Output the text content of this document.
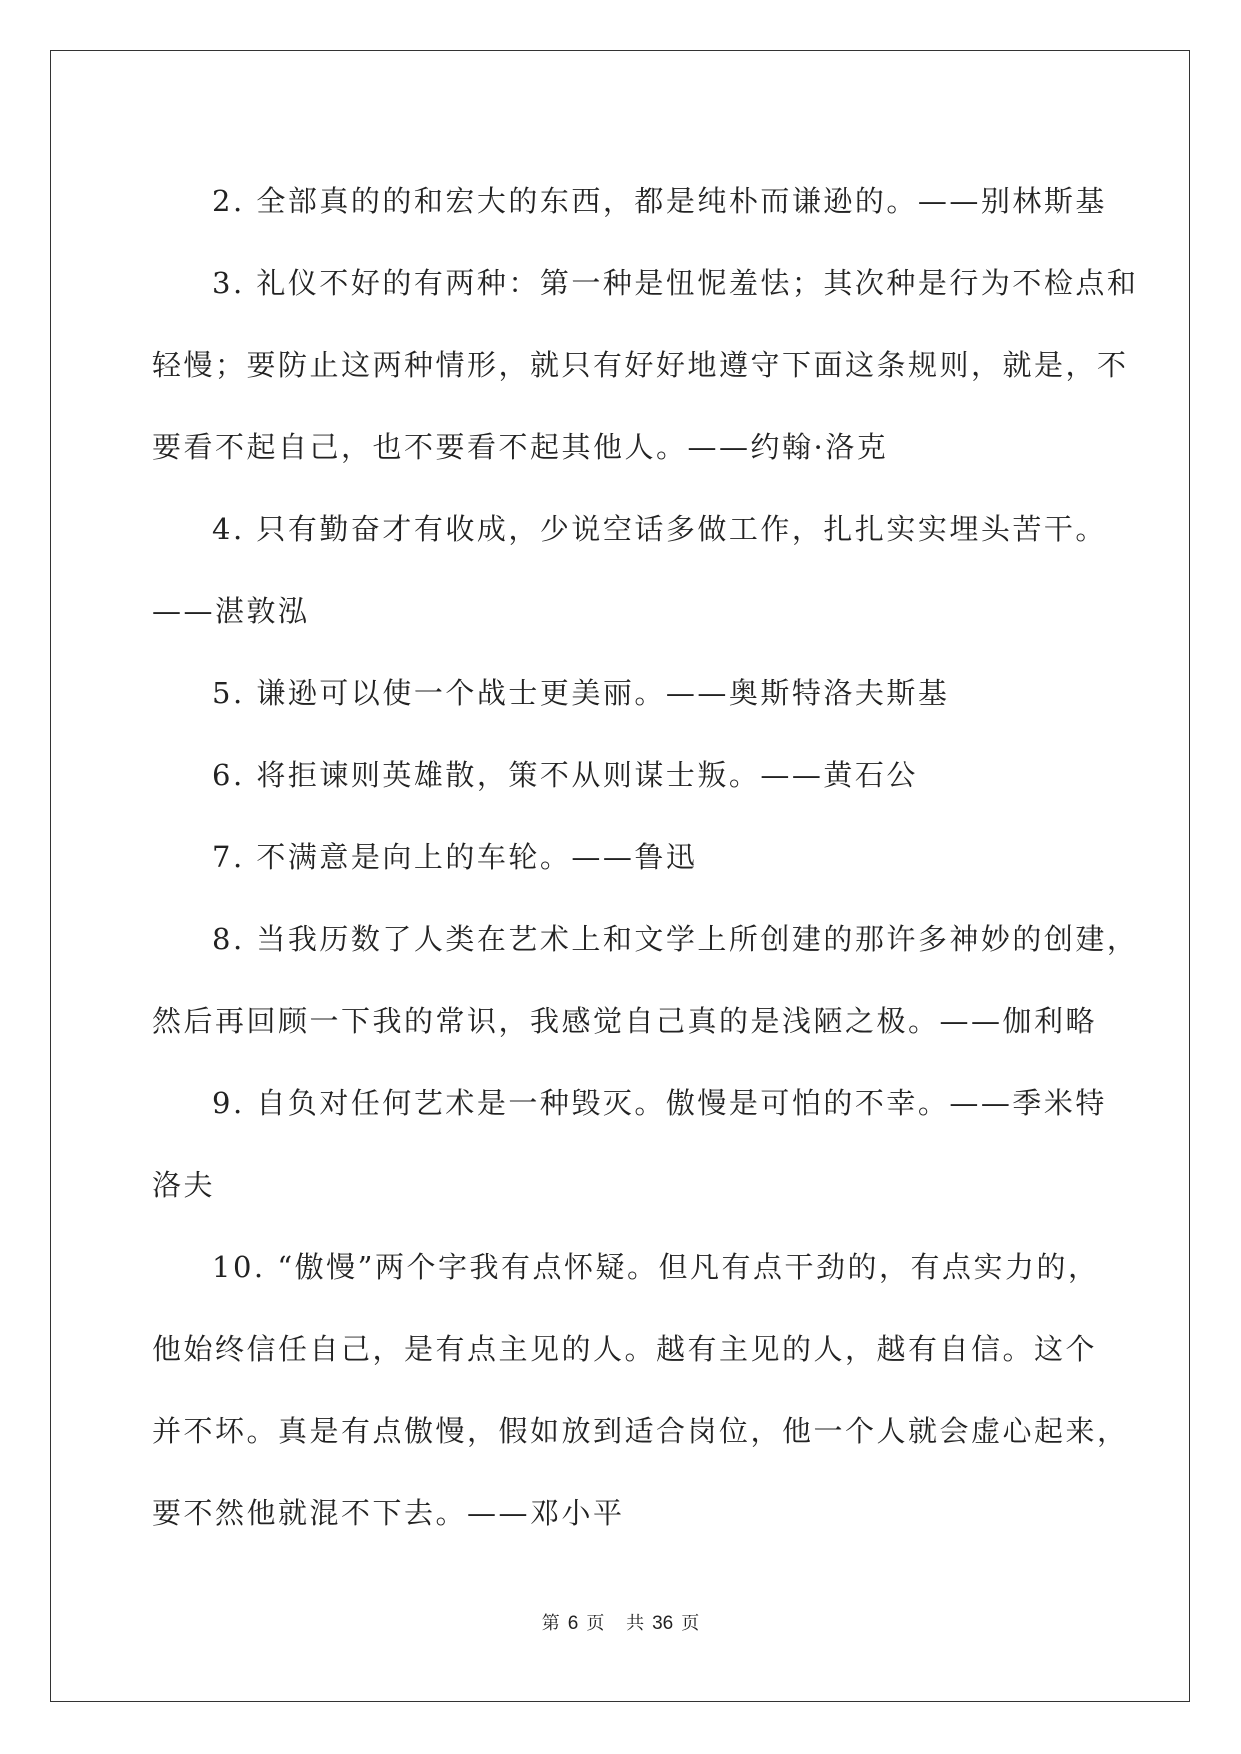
2. 全部真的的和宏大的东西，都是纯朴而谦逊的。——别林斯基

3. 礼仪不好的有两种：第一种是忸怩羞怯；其次种是行为不检点和
轻慢；要防止这两种情形，就只有好好地遵守下面这条规则，就是，不
要看不起自己，也不要看不起其他人。——约翰·洛克

4. 只有勤奋才有收成，少说空话多做工作，扎扎实实埋头苦干。
——湛敦泓

5. 谦逊可以使一个战士更美丽。——奥斯特洛夫斯基

6. 将拒谏则英雄散，策不从则谋士叛。——黄石公

7. 不满意是向上的车轮。——鲁迅

8. 当我历数了人类在艺术上和文学上所创建的那许多神妙的创建，
然后再回顾一下我的常识，我感觉自己真的是浅陋之极。——伽利略

9. 自负对任何艺术是一种毁灭。傲慢是可怕的不幸。——季米特
洛夫

10. “傲慢”两个字我有点怀疑。但凡有点干劲的，有点实力的，
他始终信任自己，是有点主见的人。越有主见的人，越有自信。这个
并不坏。真是有点傲慢，假如放到适合岗位，他一个人就会虚心起来，
要不然他就混不下去。——邓小平

第 6 页 共 36 页
